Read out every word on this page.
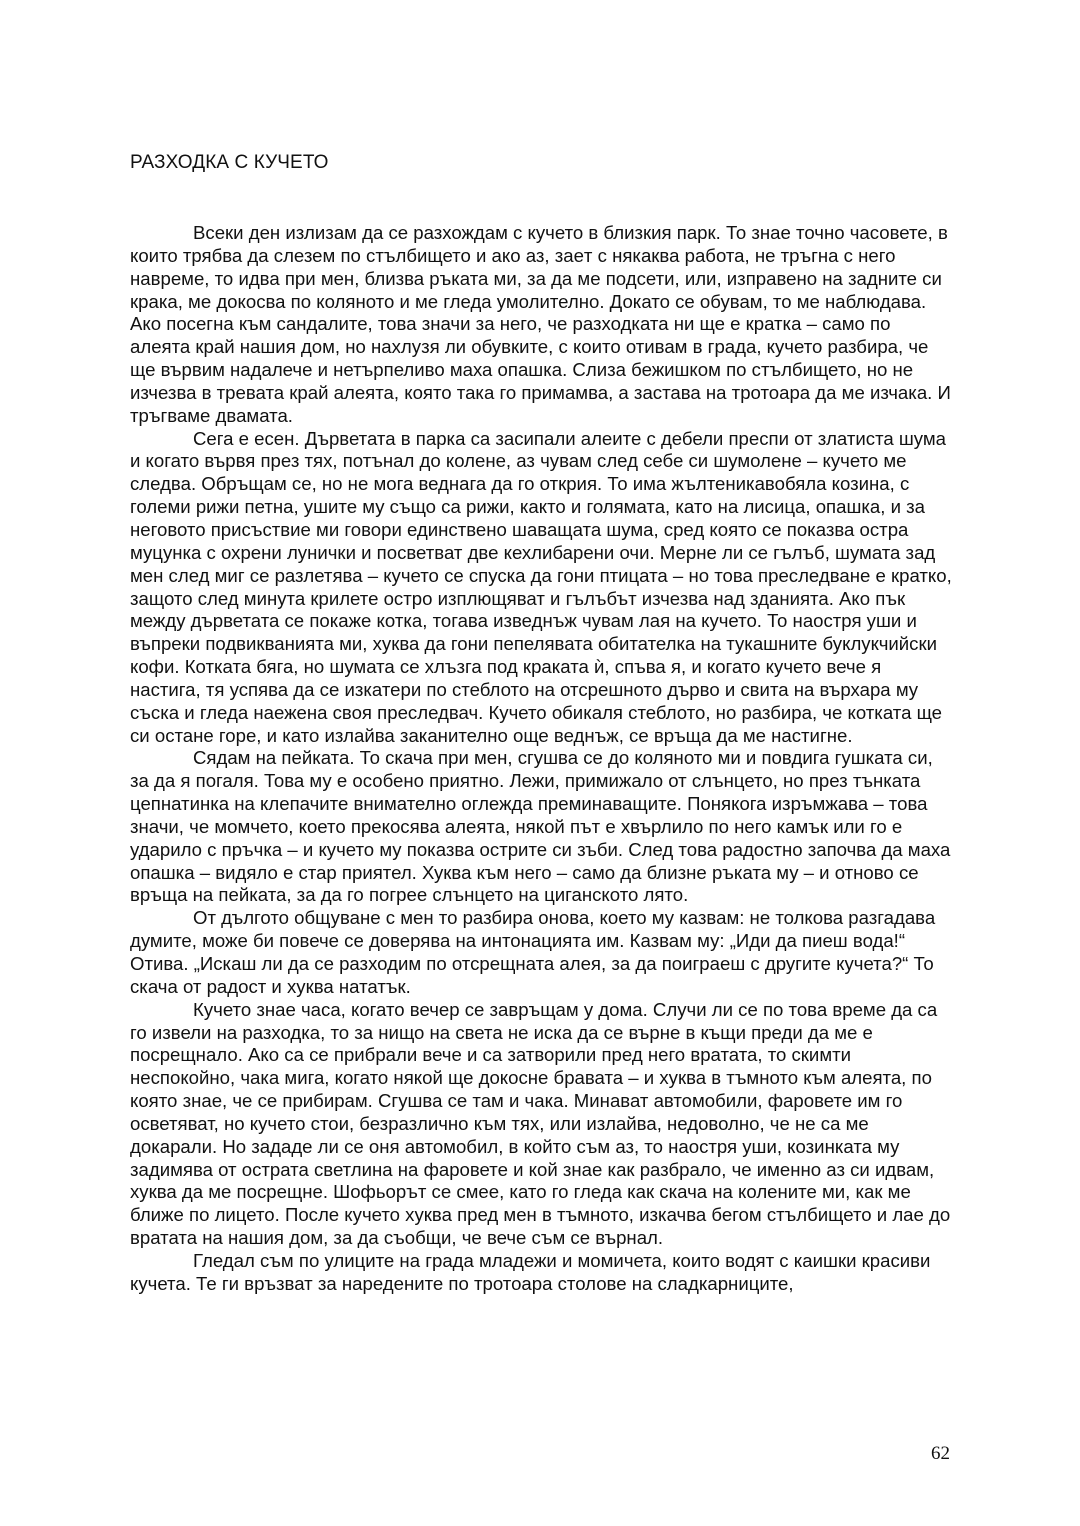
РАЗХОДКА С КУЧЕТО

Всеки ден излизам да се разхождам с кучето в близкия парк. То знае точно часовете, в които трябва да слезем по стълбището и ако аз, заeт с някаква работа, не тръгна с него навреме, то идва при мен, близва ръката ми, за да ме подсети, или, изправено на задните си крака, ме докосва по коляното и ме гледа умолително. Докато се обувам, то ме наблюдава. Ако посегна към сандалите, това значи за него, че разходката ни ще е кратка – само по алеята край нашия дом, но нахлузя ли обувките, с които отивам в града, кучето разбира, че ще вървим надалече и нетърпеливо маха опашка. Слиза бежишком по стълбището, но не изчезва в тревата край алеята, която така го примамва, а застава на тротоара да ме изчака. И тръгваме двамата.

Сега е есен. Дърветата в парка са засипали алеите с дебели преспи от златиста шума и когато вървя през тях, потънал до колене, аз чувам след себе си шумолене – кучето ме следва. Обръщам се, но не мога веднага да го открия. То има жълтеникавобяла козина, с големи рижи петна, ушите му също са рижи, както и голямата, като на лисица, опашка, и за неговото присъствие ми говори единствено шаващата шума, сред която се показва остра муцунка с охрени лунички и посветват две кехлибарени очи. Мерне ли се гълъб, шумата зад мен след миг се разлетява – кучето се спуска да гони птицата – но това преследване е кратко, защото след минута крилете остро изплющяват и гълъбът изчезва над зданията. Ако пък между дърветата се покаже котка, тогава изведнъж чувам лая на кучето. То наостря уши и въпреки подвикванията ми, хуква да гони пепелявата обитателка на тукашните буклукчийски кофи. Котката бяга, но шумата се хлъзга под краката ѝ, спъва я, и когато кучето вече я настига, тя успява да се изкатери по стеблото на отсрешното дърво и свита на върхара му съска и гледа наежена своя преследвач. Кучето обикаля стеблото, но разбира, че котката ще си остане горе, и като излайва заканително още веднъж, се връща да ме настигне.

Сядам на пейката. То скача при мен, сгушва се до коляното ми и повдига гушката си, за да я погаля. Това му е особено приятно. Лежи, примижало от слънцето, но през тънката цепнатинка на клепачите внимателно оглежда преминаващите. Понякога изръмжава – това значи, че момчето, което прекосява алеята, някой път е хвърлило по него камък или го е ударило с пръчка – и кучето му показва острите си зъби. След това радостно започва да маха опашка – видяло е стар приятел. Хуква към него – само да близне ръката му – и отново се връща на пейката, за да го погрее слънцето на циганското лято.

От дългото общуване с мен то разбира онова, което му казвам: не толкова разгадава думите, може би повече се доверява на интонацията им. Казвам му: „Иди да пиеш вода!“ Отива. „Искаш ли да се разходим по отсрещната алея, за да поиграеш с другите кучета?“ То скача от радост и хуква нататък.

Кучето знае часа, когато вечер се завръщам у дома. Случи ли се по това време да са го извели на разходка, то за нищо на света не иска да се върне в къщи преди да ме е посрещнало. Ако са се прибрали вече и са затворили пред него вратата, то скимти неспокойно, чака мига, когато някой ще докосне бравата – и хуква в тъмното към алеята, по която знае, че се прибирам. Сгушва се там и чака. Минават автомобили, фаровете им го осветяват, но кучето стои, безразлично към тях, или излайва, недоволно, че не са ме докарали. Но зададе ли се оня автомобил, в който съм аз, то наостря уши, козинката му задимява от острата светлина на фаровете и кой знае как разбрало, че именно аз си идвам, хуква да ме посрещне. Шофьорът се смее, като го гледа как скача на колените ми, как ме ближе по лицето. После кучето хуква пред мен в тъмното, изкачва бегом стълбището и лае до вратата на нашия дом, за да съобщи, че вече съм се върнал.

Гледал съм по улиците на града младежи и момичета, които водят с каишки красиви кучета. Те ги връзват за наредените по тротоара столове на сладкарниците,

62
